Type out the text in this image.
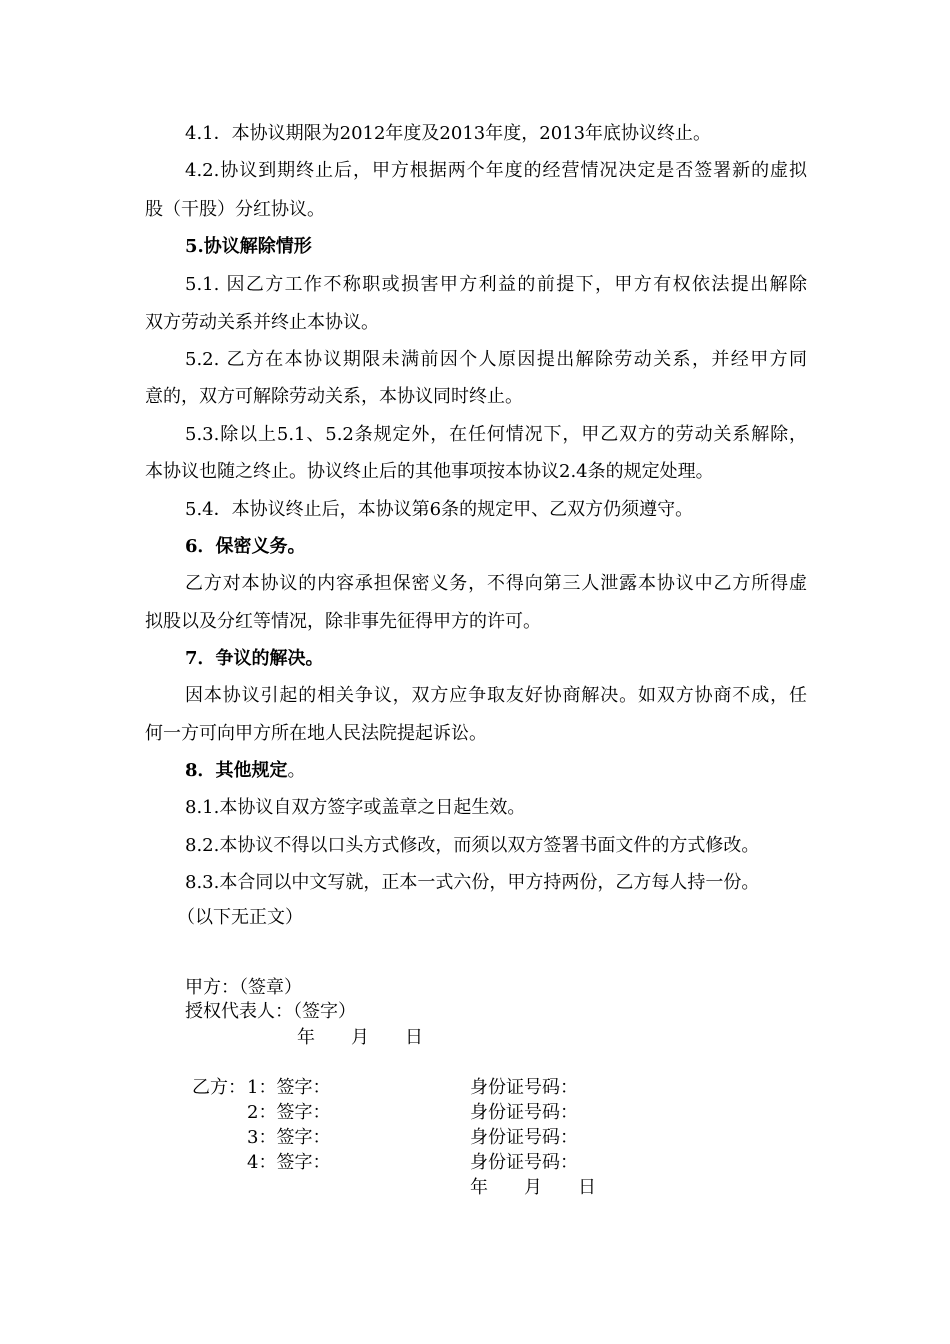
4.1．本协议期限为2012年度及2013年度，2013年底协议终止。
4.2.协议到期终止后，甲方根据两个年度的经营情况决定是否签署新的虚拟
股（干股）分红协议。
5.协议解除情形
5.1. 因乙方工作不称职或损害甲方利益的前提下，甲方有权依法提出解除
双方劳动关系并终止本协议。
5.2. 乙方在本协议期限未满前因个人原因提出解除劳动关系，并经甲方同
意的，双方可解除劳动关系，本协议同时终止。
5.3.除以上5.1、5.2条规定外，在任何情况下，甲乙双方的劳动关系解除，
本协议也随之终止。协议终止后的其他事项按本协议2.4条的规定处理。
5.4．本协议终止后，本协议第6条的规定甲、乙双方仍须遵守。
6．保密义务。
乙方对本协议的内容承担保密义务，不得向第三人泄露本协议中乙方所得虚
拟股以及分红等情况，除非事先征得甲方的许可。
7．争议的解决。
因本协议引起的相关争议，双方应争取友好协商解决。如双方协商不成，任
何一方可向甲方所在地人民法院提起诉讼。
8．其他规定。
8.1.本协议自双方签字或盖章之日起生效。
8.2.本协议不得以口头方式修改，而须以双方签署书面文件的方式修改。
8.3.本合同以中文写就，正本一式六份，甲方持两份，乙方每人持一份。
（以下无正文）
甲方：（签章）
授权代表人：（签字）
年　　月　　日
乙方： 1：签字：	身份证号码：
2：签字：	身份证号码：
3：签字：	身份证号码：
4：签字：	身份证号码：
年　　月　　日
